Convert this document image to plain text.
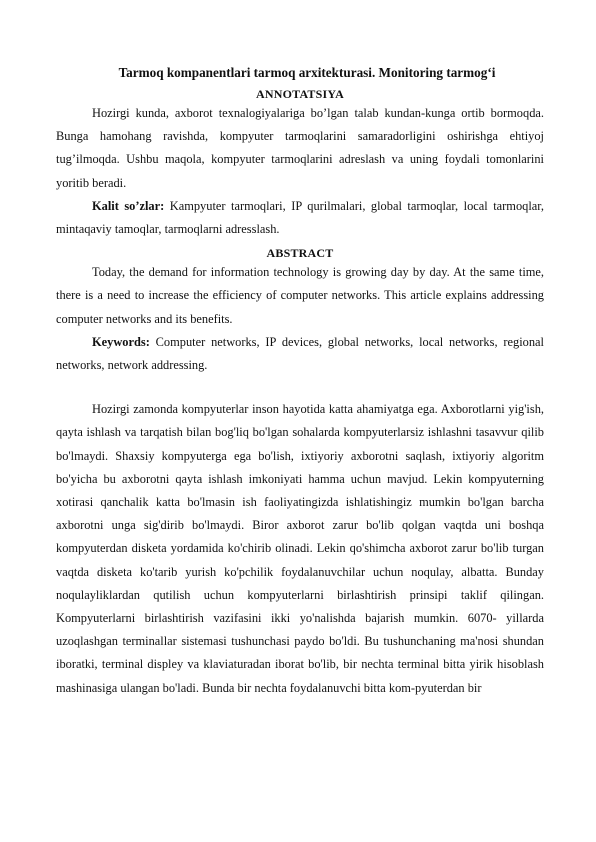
Tarmoq kompanentlari tarmoq arxitekturasi. Monitoring tarmog‘i
ANNOTATSIYA

Hozirgi kunda, axborot texnalogiyalariga bo’lgan talab kundan-kunga ortib bormoqda. Bunga hamohang ravishda, kompyuter tarmoqlarini samaradorligini oshirishga ehtiyoj tug’ilmoqda. Ushbu maqola, kompyuter tarmoqlarini adreslash va uning foydali tomonlarini yoritib beradi.

Kalit so’zlar: Kampyuter tarmoqlari, IP qurilmalari, global tarmoqlar, local tarmoqlar, mintaqaviy tamoqlar, tarmoqlarni adresslash.

ABSTRACT

Today, the demand for information technology is growing day by day. At the same time, there is a need to increase the efficiency of computer networks. This article explains addressing computer networks and its benefits.

Keywords: Computer networks, IP devices, global networks, local networks, regional networks, network addressing.

Hozirgi zamonda kompyuterlar inson hayotida katta ahamiyatga ega. Axborotlarni yig'ish, qayta ishlash va tarqatish bilan bog'liq bo'lgan sohalarda kompyuterlarsiz ishlashni tasavvur qilib bo'lmaydi. Shaxsiy kompyuterga ega bo'lish, ixtiyoriy axborotni saqlash, ixtiyoriy algoritm bo'yicha bu axborotni qayta ishlash imkoniyati hamma uchun mavjud. Lekin kompyuterning xotirasi qanchalik katta bo'lmasin ish faoliyatingizda ishlatishingiz mumkin bo'lgan barcha axborotni unga sig'dirib bo'lmaydi. Biror axborot zarur bo'lib qolgan vaqtda uni boshqa kompyuterdan disketa yordamida ko'chirib olinadi. Lekin qo'shimcha axborot zarur bo'lib turgan vaqtda disketa ko'tarib yurish ko'pchilik foydalanuvchilar uchun noqulay, albatta. Bunday noqulayliklardan qutilish uchun kompyuterlarni birlashtirish prinsipi taklif qilingan. Kompyuterlarni birlashtirish vazifasini ikki yo'nalishda bajarish mumkin. 6070- yillarda uzoqlashgan terminallar sistemasi tushunchasi paydo bo'ldi. Bu tushunchaning ma'nosi shundan iboratki, terminal displey va klaviaturadan iborat bo'lib, bir nechta terminal bitta yirik hisoblash mashinasiga ulangan bo'ladi. Bunda bir nechta foydalanuvchi bitta kom-pyuterdan bir
